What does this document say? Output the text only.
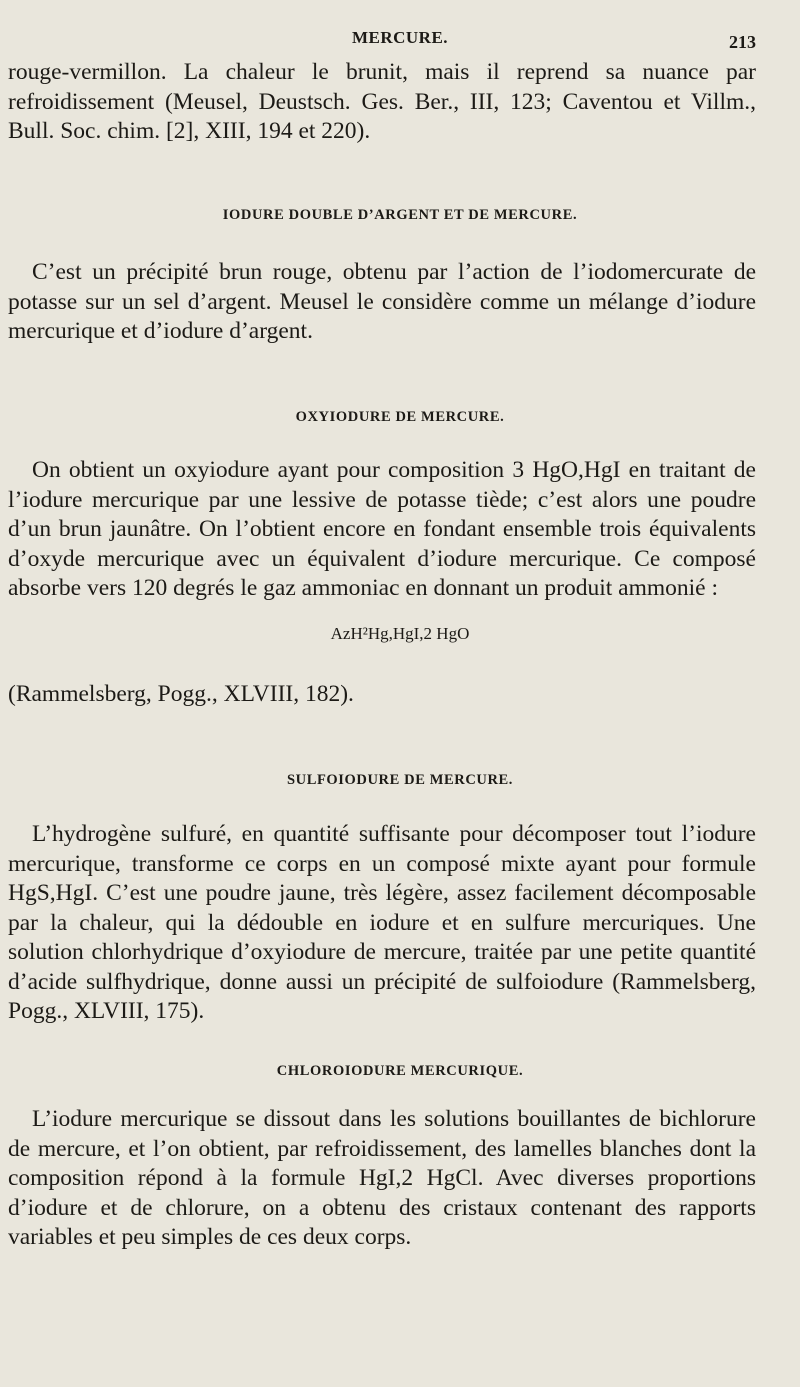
MERCURE.	213

rouge-vermillon. La chaleur le brunit, mais il reprend sa nuance par refroidissement (Meusel, Deustsch. Ges. Ber., III, 123; Caventou et Villm., Bull. Soc. chim. [2], XIII, 194 et 220).

IODURE DOUBLE D’ARGENT ET DE MERCURE.

C’est un précipité brun rouge, obtenu par l’action de l’iodomercurate de potasse sur un sel d’argent. Meusel le considère comme un mélange d’iodure mercurique et d’iodure d’argent.

OXYIODURE DE MERCURE.

On obtient un oxyiodure ayant pour composition 3 HgO,HgI en traitant de l’iodure mercurique par une lessive de potasse tiède; c’est alors une poudre d’un brun jaunâtre. On l’obtient encore en fondant ensemble trois équivalents d’oxyde mercurique avec un équivalent d’iodure mercurique. Ce composé absorbe vers 120 degrés le gaz ammoniac en donnant un produit ammonié :

AzH²Hg,HgI,2 HgO

(Rammelsberg, Pogg., XLVIII, 182).

SULFOIODURE DE MERCURE.

L’hydrogène sulfuré, en quantité suffisante pour décomposer tout l’iodure mercurique, transforme ce corps en un composé mixte ayant pour formule HgS,HgI. C’est une poudre jaune, très légère, assez facilement décomposable par la chaleur, qui la dédouble en iodure et en sulfure mercuriques. Une solution chlorhydrique d’oxyiodure de mercure, traitée par une petite quantité d’acide sulfhydrique, donne aussi un précipité de sulfoiodure (Rammelsberg, Pogg., XLVIII, 175).

CHLOROIODURE MERCURIQUE.

L’iodure mercurique se dissout dans les solutions bouillantes de bichlorure de mercure, et l’on obtient, par refroidissement, des lamelles blanches dont la composition répond à la formule HgI,2 HgCl. Avec diverses proportions d’iodure et de chlorure, on a obtenu des cristaux contenant des rapports variables et peu simples de ces deux corps.
